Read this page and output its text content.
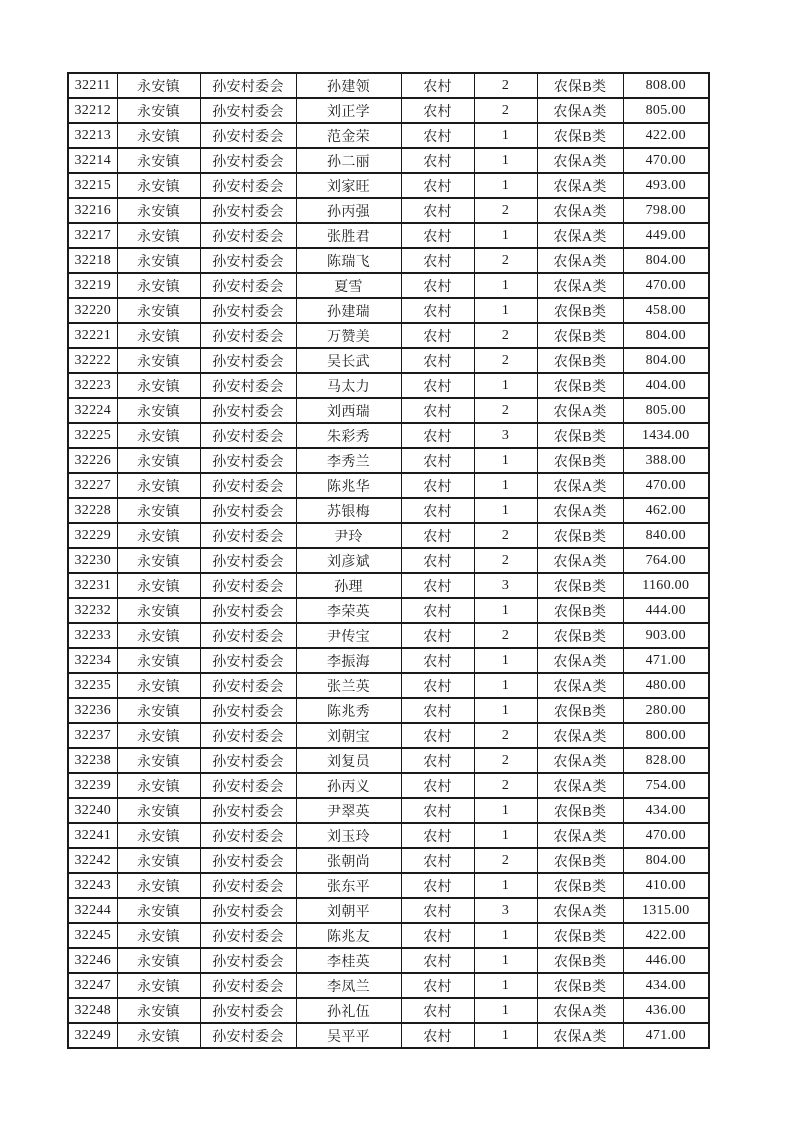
32211	永安镇	孙安村委会	孙建领	农村	2	农保B类	808.00
32212	永安镇	孙安村委会	刘正学	农村	2	农保A类	805.00
32213	永安镇	孙安村委会	范金荣	农村	1	农保B类	422.00
32214	永安镇	孙安村委会	孙二丽	农村	1	农保A类	470.00
32215	永安镇	孙安村委会	刘家旺	农村	1	农保A类	493.00
32216	永安镇	孙安村委会	孙丙强	农村	2	农保A类	798.00
32217	永安镇	孙安村委会	张胜君	农村	1	农保A类	449.00
32218	永安镇	孙安村委会	陈瑞飞	农村	2	农保A类	804.00
32219	永安镇	孙安村委会	夏雪	农村	1	农保A类	470.00
32220	永安镇	孙安村委会	孙建瑞	农村	1	农保B类	458.00
32221	永安镇	孙安村委会	万赞美	农村	2	农保B类	804.00
32222	永安镇	孙安村委会	吴长武	农村	2	农保B类	804.00
32223	永安镇	孙安村委会	马太力	农村	1	农保B类	404.00
32224	永安镇	孙安村委会	刘西瑞	农村	2	农保A类	805.00
32225	永安镇	孙安村委会	朱彩秀	农村	3	农保B类	1434.00
32226	永安镇	孙安村委会	李秀兰	农村	1	农保B类	388.00
32227	永安镇	孙安村委会	陈兆华	农村	1	农保A类	470.00
32228	永安镇	孙安村委会	苏银梅	农村	1	农保A类	462.00
32229	永安镇	孙安村委会	尹玲	农村	2	农保B类	840.00
32230	永安镇	孙安村委会	刘彦斌	农村	2	农保A类	764.00
32231	永安镇	孙安村委会	孙理	农村	3	农保B类	1160.00
32232	永安镇	孙安村委会	李荣英	农村	1	农保B类	444.00
32233	永安镇	孙安村委会	尹传宝	农村	2	农保B类	903.00
32234	永安镇	孙安村委会	李振海	农村	1	农保A类	471.00
32235	永安镇	孙安村委会	张兰英	农村	1	农保A类	480.00
32236	永安镇	孙安村委会	陈兆秀	农村	1	农保B类	280.00
32237	永安镇	孙安村委会	刘朝宝	农村	2	农保A类	800.00
32238	永安镇	孙安村委会	刘复员	农村	2	农保A类	828.00
32239	永安镇	孙安村委会	孙丙义	农村	2	农保A类	754.00
32240	永安镇	孙安村委会	尹翠英	农村	1	农保B类	434.00
32241	永安镇	孙安村委会	刘玉玲	农村	1	农保A类	470.00
32242	永安镇	孙安村委会	张朝尚	农村	2	农保B类	804.00
32243	永安镇	孙安村委会	张东平	农村	1	农保B类	410.00
32244	永安镇	孙安村委会	刘朝平	农村	3	农保A类	1315.00
32245	永安镇	孙安村委会	陈兆友	农村	1	农保B类	422.00
32246	永安镇	孙安村委会	李桂英	农村	1	农保B类	446.00
32247	永安镇	孙安村委会	李凤兰	农村	1	农保B类	434.00
32248	永安镇	孙安村委会	孙礼伍	农村	1	农保A类	436.00
32249	永安镇	孙安村委会	吴平平	农村	1	农保A类	471.00
